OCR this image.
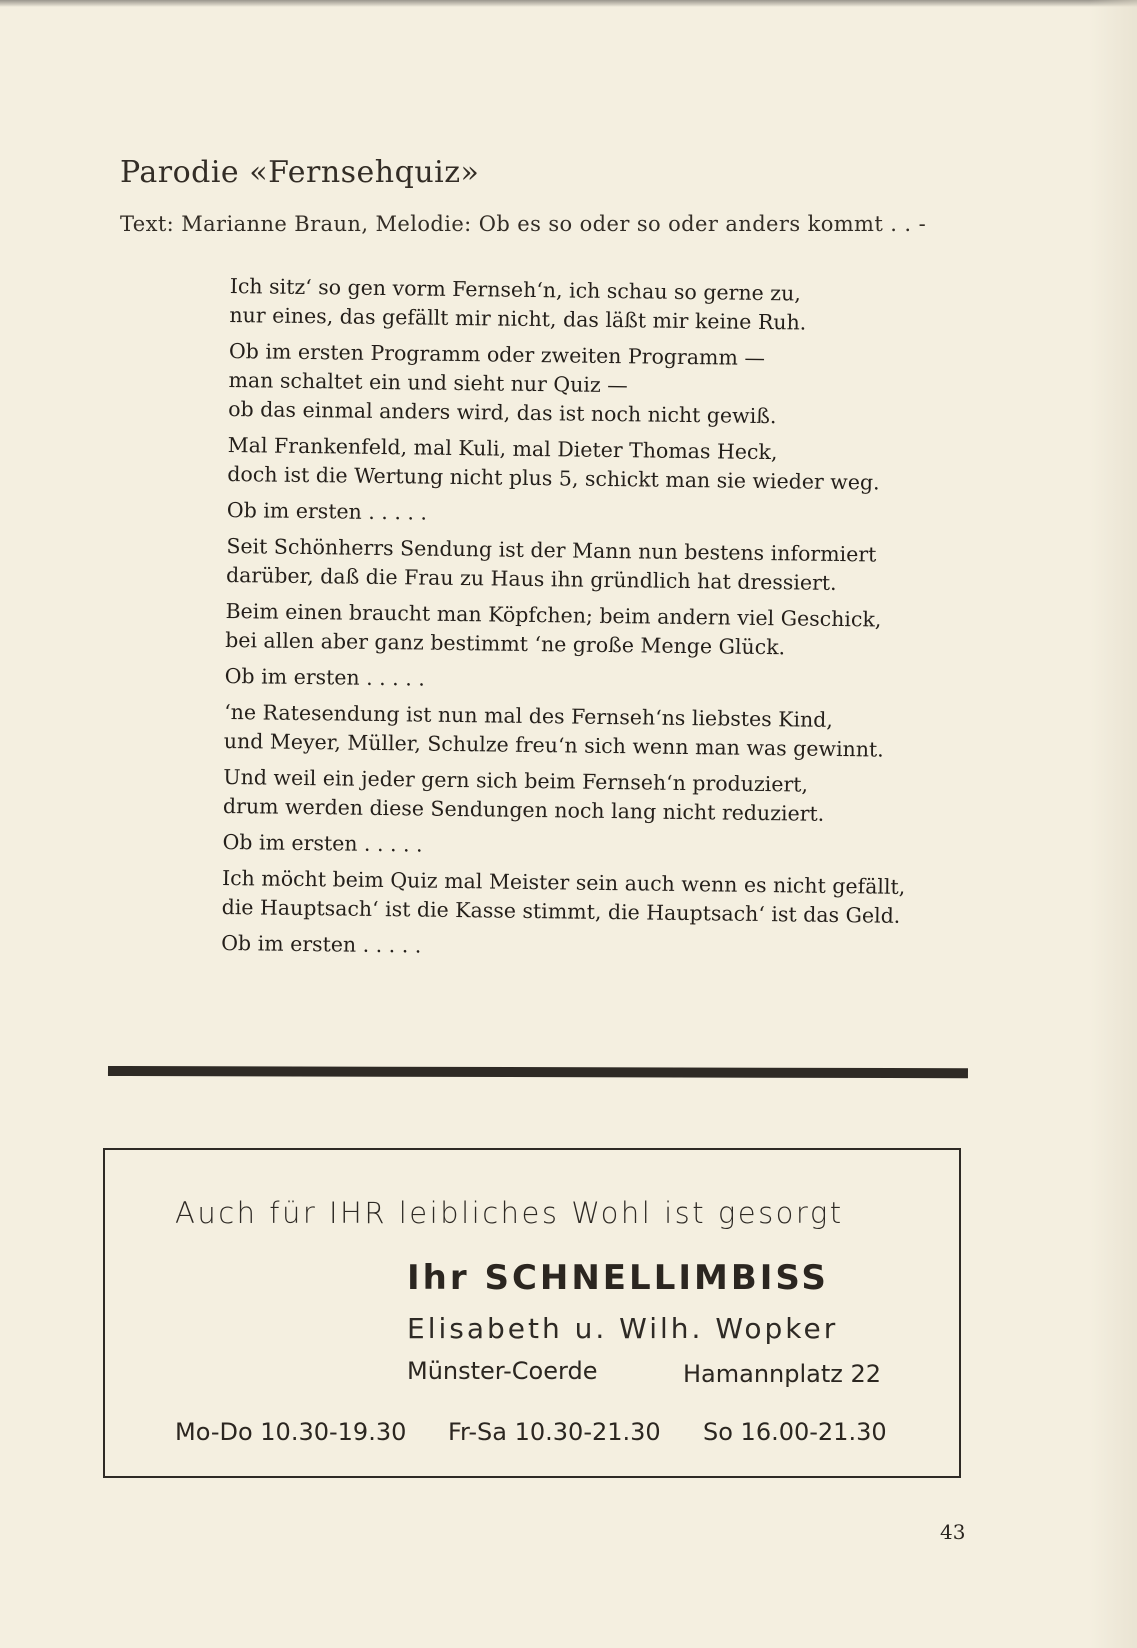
Parodie «Fernsehquiz»
Text: Marianne Braun, Melodie: Ob es so oder so oder anders kommt . . -
Ich sitz‘ so gen vorm Fernseh‘n, ich schau so gerne zu,
nur eines, das gefällt mir nicht, das läßt mir keine Ruh.
Ob im ersten Programm oder zweiten Programm —
man schaltet ein und sieht nur Quiz —
ob das einmal anders wird, das ist noch nicht gewiß.
Mal Frankenfeld, mal Kuli, mal Dieter Thomas Heck,
doch ist die Wertung nicht plus 5, schickt man sie wieder weg.
Ob im ersten . . . . .
Seit Schönherrs Sendung ist der Mann nun bestens informiert
darüber, daß die Frau zu Haus ihn gründlich hat dressiert.
Beim einen braucht man Köpfchen; beim andern viel Geschick,
bei allen aber ganz bestimmt ‘ne große Menge Glück.
Ob im ersten . . . . .
‘ne Ratesendung ist nun mal des Fernseh‘ns liebstes Kind,
und Meyer, Müller, Schulze freu‘n sich wenn man was gewinnt.
Und weil ein jeder gern sich beim Fernseh‘n produziert,
drum werden diese Sendungen noch lang nicht reduziert.
Ob im ersten . . . . .
Ich möcht beim Quiz mal Meister sein auch wenn es nicht gefällt,
die Hauptsach‘ ist die Kasse stimmt, die Hauptsach‘ ist das Geld.
Ob im ersten . . . . .
Auch für IHR leibliches Wohl ist gesorgt
Ihr SCHNELLIMBISS
Elisabeth u. Wilh. Wopker
Münster-Coerde	Hamannplatz 22
Mo-Do 10.30-19.30 Fr-Sa 10.30-21.30 So 16.00-21.30
43
